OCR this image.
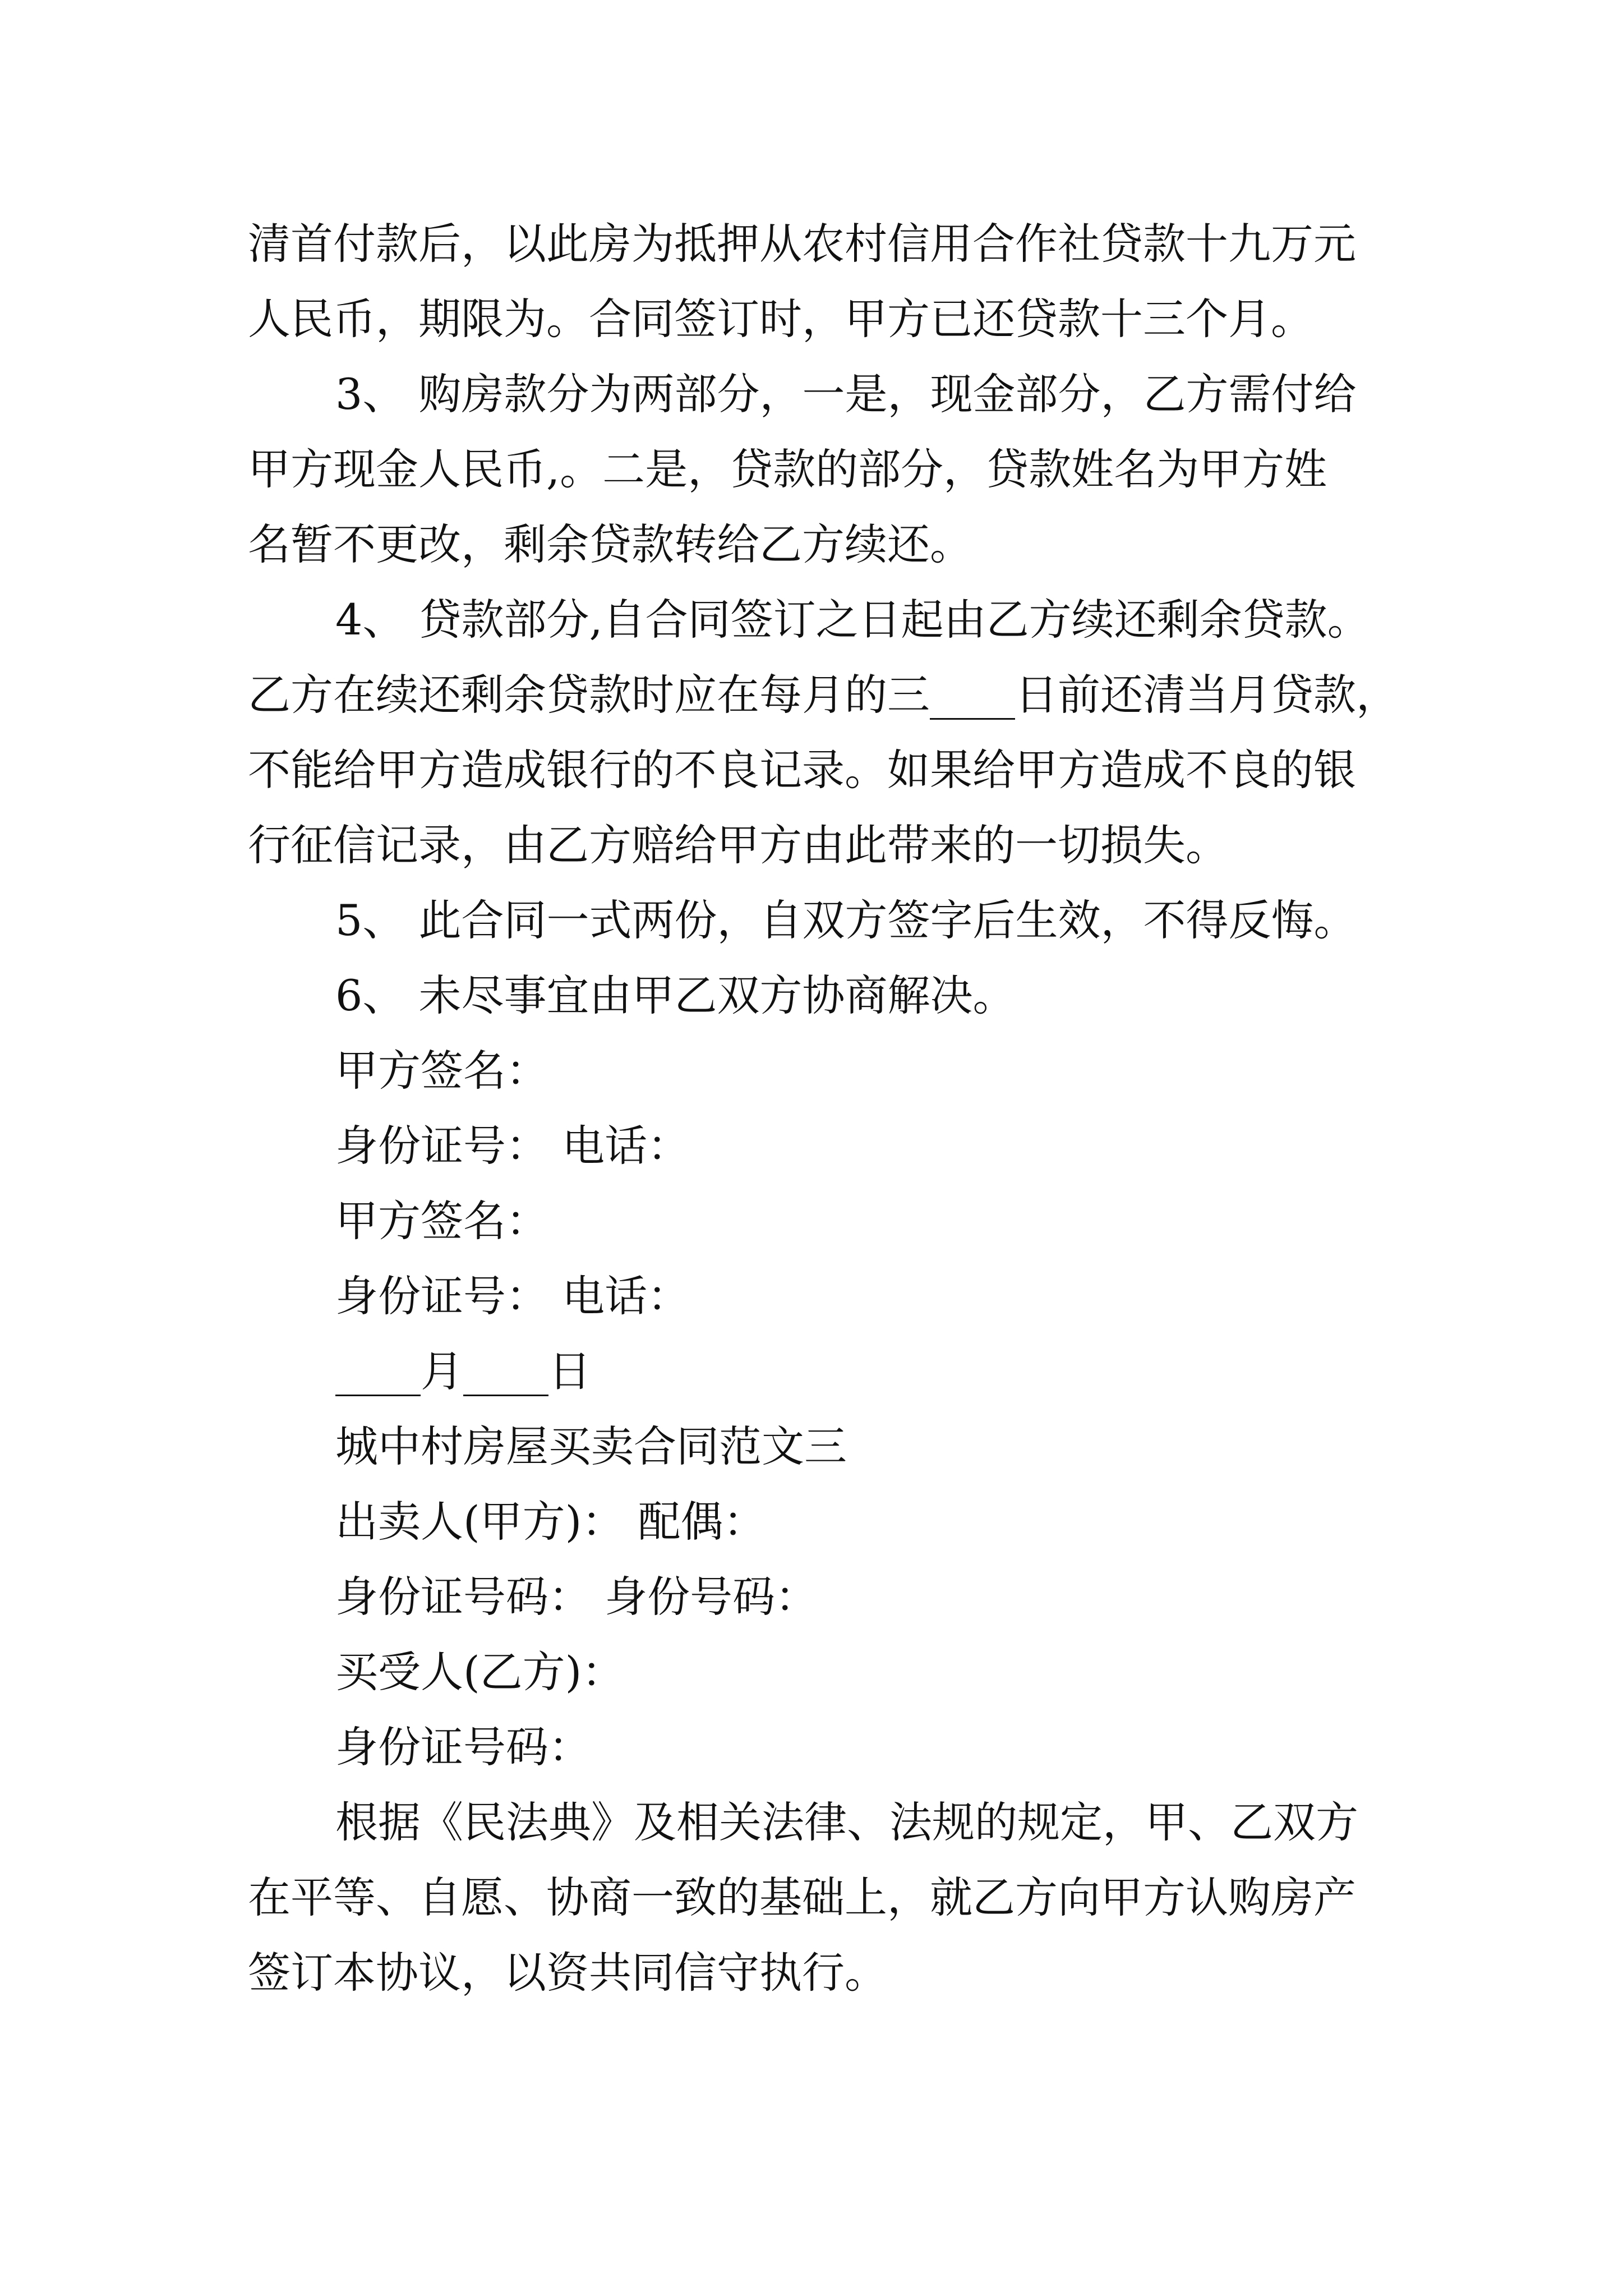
清首付款后，以此房为抵押从农村信用合作社贷款十九万元
人民币，期限为。合同签订时，甲方已还贷款十三个月。
3、 购房款分为两部分，一是，现金部分，乙方需付给
甲方现金人民币,。二是，贷款的部分，贷款姓名为甲方姓
名暂不更改，剩余贷款转给乙方续还。
4、 贷款部分,自合同签订之日起由乙方续还剩余贷款。
乙方在续还剩余贷款时应在每月的三____日前还清当月贷款，
不能给甲方造成银行的不良记录。如果给甲方造成不良的银
行征信记录，由乙方赔给甲方由此带来的一切损失。
5、 此合同一式两份，自双方签字后生效，不得反悔。
6、 未尽事宜由甲乙双方协商解决。
甲方签名：
身份证号： 电话：
甲方签名：
身份证号： 电话：
____月____日
城中村房屋买卖合同范文三
出卖人(甲方)： 配偶：
身份证号码： 身份号码：
买受人(乙方)：
身份证号码：
根据《民法典》及相关法律、法规的规定，甲、乙双方
在平等、自愿、协商一致的基础上，就乙方向甲方认购房产
签订本协议，以资共同信守执行。
